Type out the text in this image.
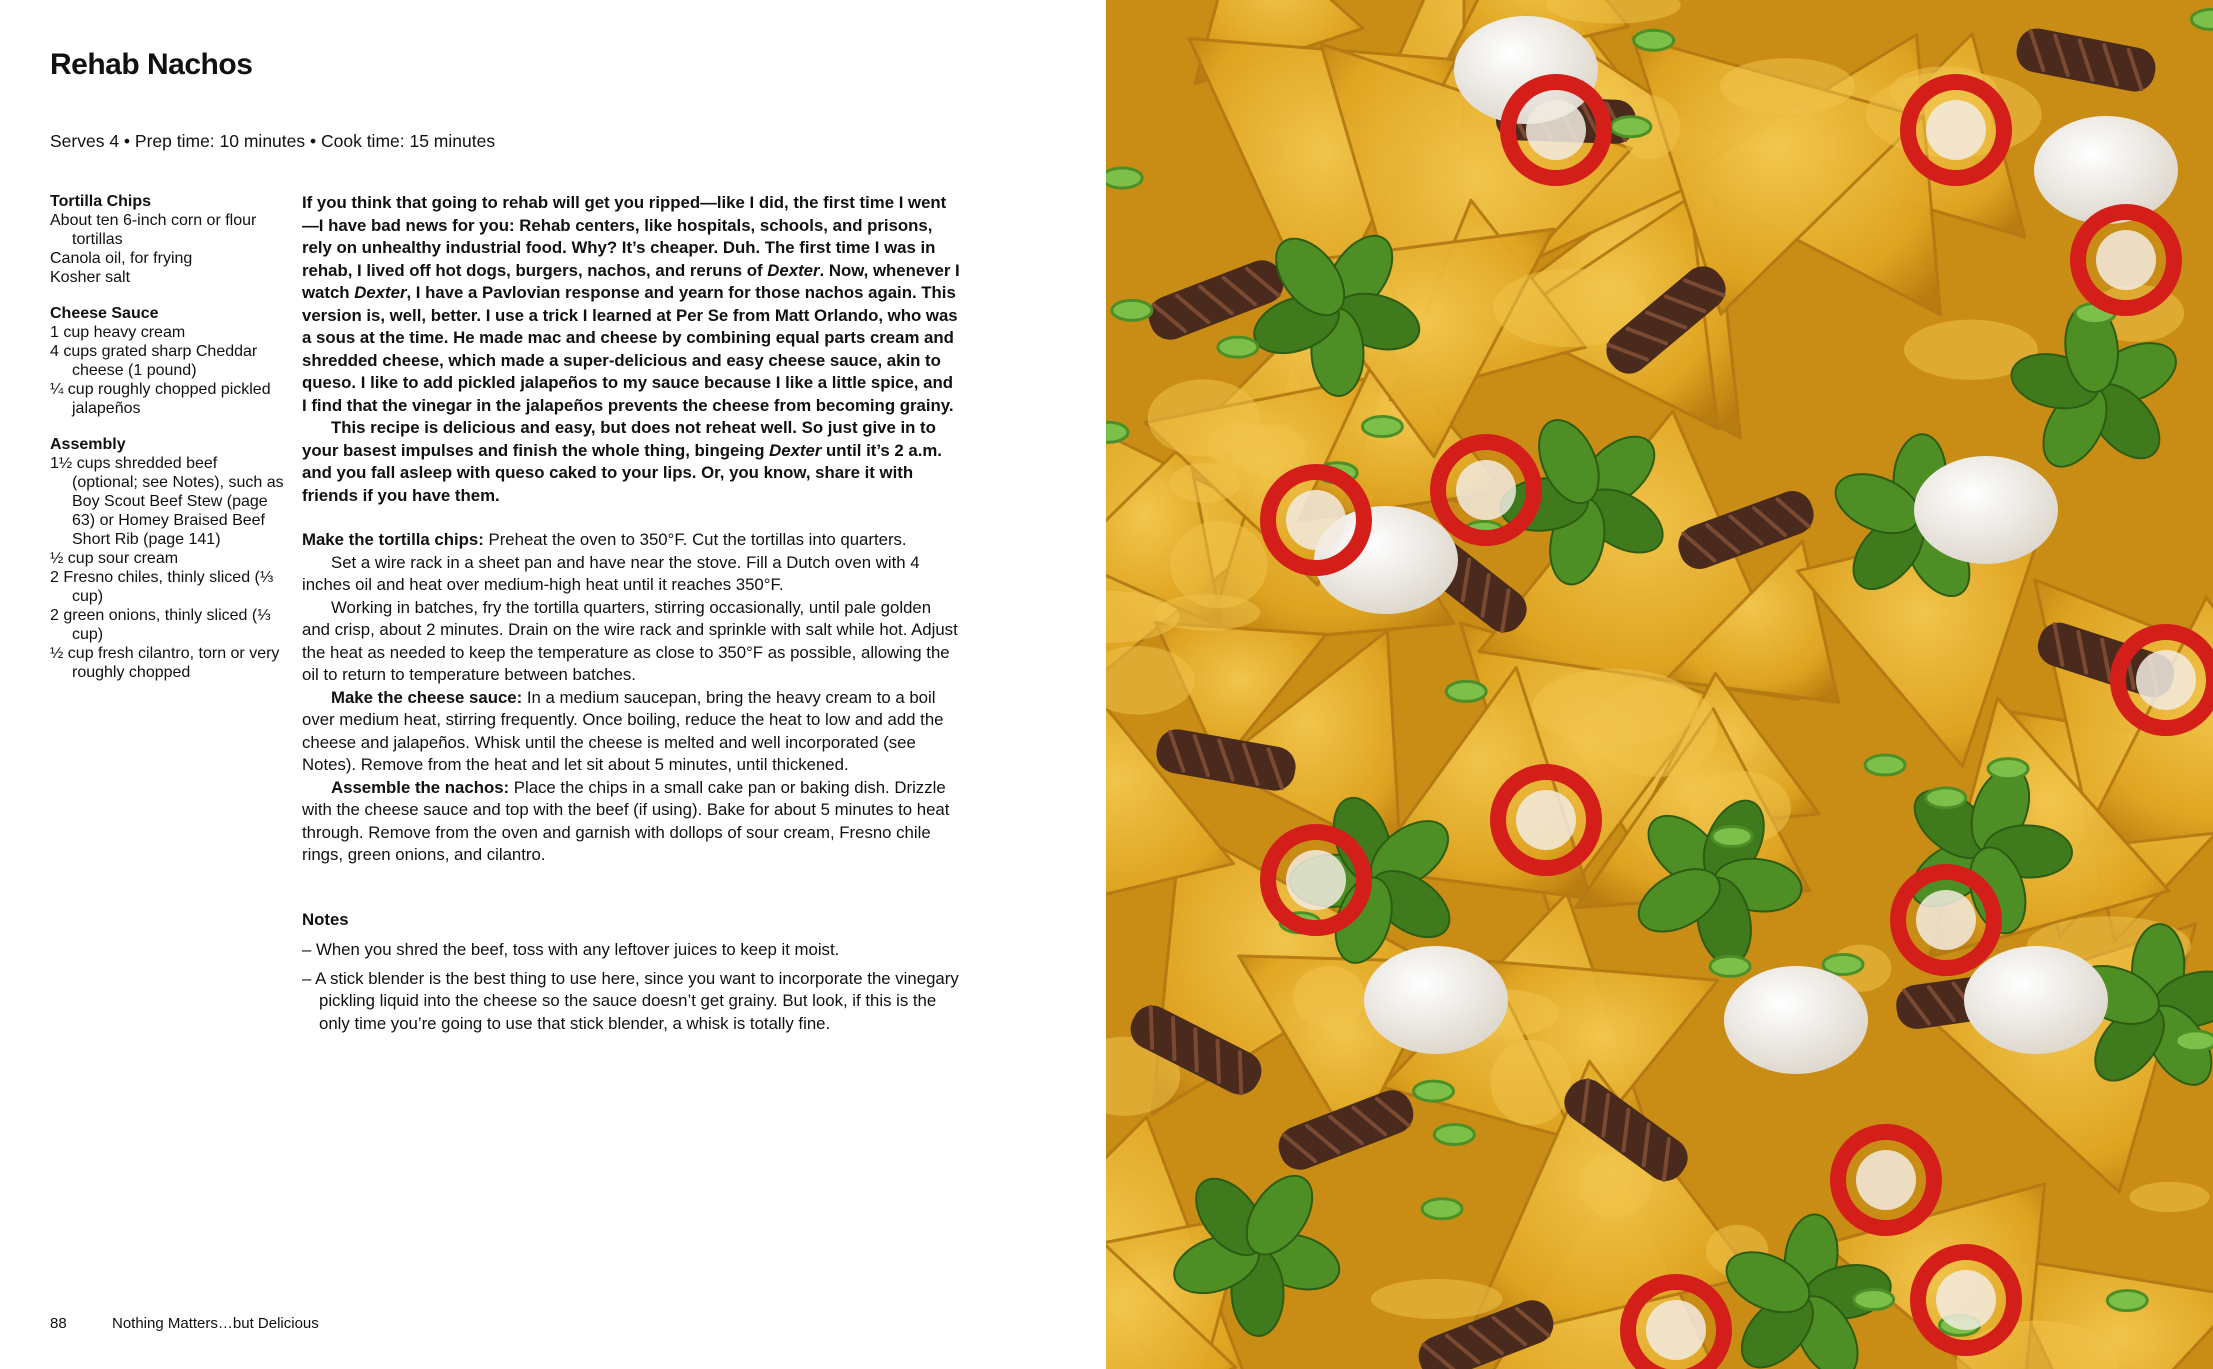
Rehab Nachos
Serves 4 • Prep time: 10 minutes • Cook time: 15 minutes
Tortilla Chips
About ten 6-inch corn or flour tortillas
Canola oil, for frying
Kosher salt
Cheese Sauce
1 cup heavy cream
4 cups grated sharp Cheddar cheese (1 pound)
¼ cup roughly chopped pickled jalapeños
Assembly
1½ cups shredded beef (optional; see Notes), such as Boy Scout Beef Stew (page 63) or Homey Braised Beef Short Rib (page 141)
½ cup sour cream
2 Fresno chiles, thinly sliced (⅓ cup)
2 green onions, thinly sliced (⅓ cup)
½ cup fresh cilantro, torn or very roughly chopped

If you think that going to rehab will get you ripped—like I did, the first time I went—I have bad news for you: Rehab centers, like hospitals, schools, and prisons, rely on unhealthy industrial food. Why? It’s cheaper. Duh. The first time I was in rehab, I lived off hot dogs, burgers, nachos, and reruns of Dexter. Now, whenever I watch Dexter, I have a Pavlovian response and yearn for those nachos again. This version is, well, better. I use a trick I learned at Per Se from Matt Orlando, who was a sous at the time. He made mac and cheese by combining equal parts cream and shredded cheese, which made a super-delicious and easy cheese sauce, akin to queso. I like to add pickled jalapeños to my sauce because I like a little spice, and I find that the vinegar in the jalapeños prevents the cheese from becoming grainy.

This recipe is delicious and easy, but does not reheat well. So just give in to your basest impulses and finish the whole thing, bingeing Dexter until it’s 2 a.m. and you fall asleep with queso caked to your lips. Or, you know, share it with friends if you have them.

Make the tortilla chips: Preheat the oven to 350°F. Cut the tortillas into quarters.

Set a wire rack in a sheet pan and have near the stove. Fill a Dutch oven with 4 inches oil and heat over medium-high heat until it reaches 350°F.

Working in batches, fry the tortilla quarters, stirring occasionally, until pale golden and crisp, about 2 minutes. Drain on the wire rack and sprinkle with salt while hot. Adjust the heat as needed to keep the temperature as close to 350°F as possible, allowing the oil to return to temperature between batches.

Make the cheese sauce: In a medium saucepan, bring the heavy cream to a boil over medium heat, stirring frequently. Once boiling, reduce the heat to low and add the cheese and jalapeños. Whisk until the cheese is melted and well incorporated (see Notes). Remove from the heat and let sit about 5 minutes, until thickened.

Assemble the nachos: Place the chips in a small cake pan or baking dish. Drizzle with the cheese sauce and top with the beef (if using). Bake for about 5 minutes to heat through. Remove from the oven and garnish with dollops of sour cream, Fresno chile rings, green onions, and cilantro.

Notes

– When you shred the beef, toss with any leftover juices to keep it moist.

– A stick blender is the best thing to use here, since you want to incorporate the vinegary pickling liquid into the cheese so the sauce doesn’t get grainy. But look, if this is the only time you’re going to use that stick blender, a whisk is totally fine.

88	Nothing Matters…but Delicious
